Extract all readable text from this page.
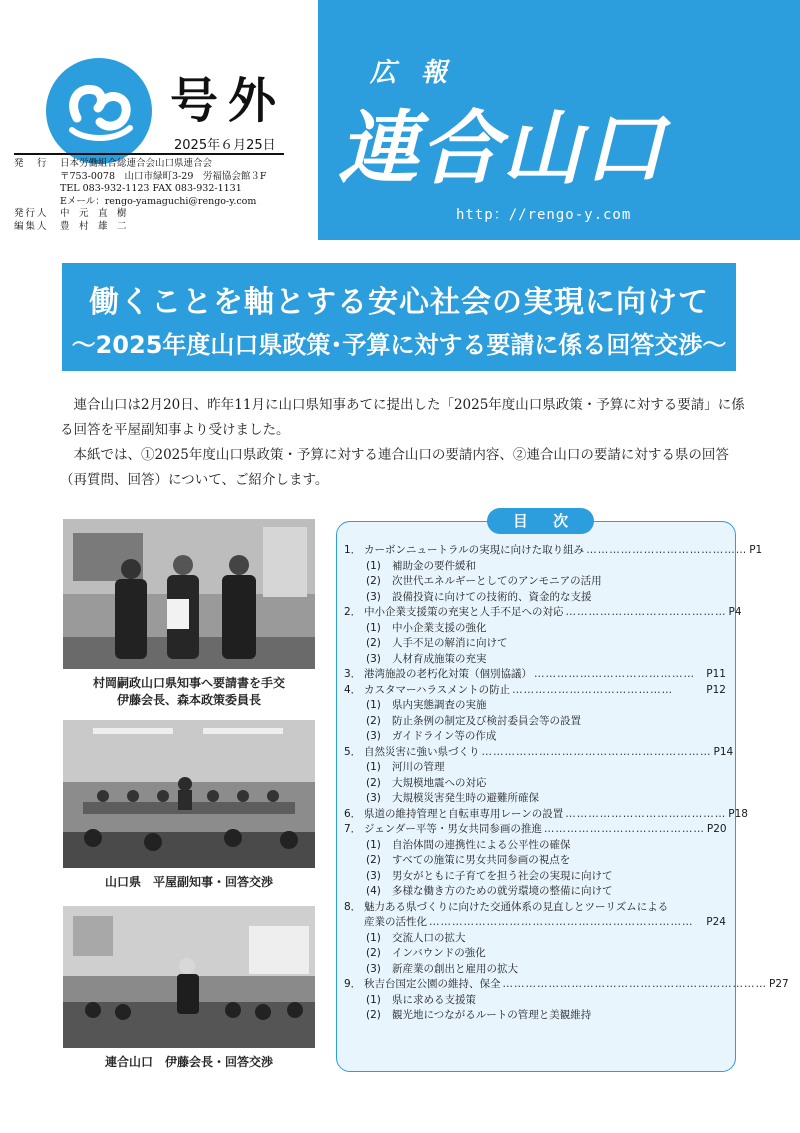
号外
2025年６月25日
発　行	日本労働組合総連合会山口県連合会
〒753-0078　山口市緑町3-29　労福協会館３F
TEL 083-932-1123 FAX 083-932-1131
Eメール：rengo-yamaguchi@rengo-y.com
発行人	中　元　直　樹
編集人	豊　村　雄　二
広 報
連合山口
http：//rengo-y.com
働くことを軸とする安心社会の実現に向けて
～2025年度山口県政策･予算に対する要請に係る回答交渉～

連合山口は2月20日、昨年11月に山口県知事あてに提出した「2025年度山口県政策・予算に対する要請」に係る回答を平屋副知事より受けました。

本紙では、①2025年度山口県政策・予算に対する連合山口の要請内容、②連合山口の要請に対する県の回答（再質問、回答）について、ご紹介します。

村岡嗣政山口県知事へ要請書を手交
伊藤会長、森本政策委員長
山口県　平屋副知事・回答交渉
連合山口　伊藤会長・回答交渉
目 次
1． カーボンニュートラルの実現に向けた取り組み …………………………………… P1
(1)	補助金の要件緩和
(2)	次世代エネルギーとしてのアンモニアの活用
(3)	設備投資に向けての技術的、資金的な支援
2． 中小企業支援策の充実と人手不足への対応 …………………………………… P4
(1)	中小企業支援の強化
(2)	人手不足の解消に向けて
(3)	人材育成施策の充実
3． 港湾施設の老朽化対策（個別協議） ……………………………………	P11
4． カスタマーハラスメントの防止 ……………………………………	P12
(1)	県内実態調査の実施
(2)	防止条例の制定及び検討委員会等の設置
(3)	ガイドライン等の作成
5． 自然災害に強い県づくり …………………………………………………… P14
(1)	河川の管理
(2)	大規模地震への対応
(3)	大規模災害発生時の避難所確保
6． 県道の維持管理と自転車専用レーンの設置 …………………………………… P18
7． ジェンダー平等・男女共同参画の推進 …………………………………… P20
(1)	自治体間の連携性による公平性の確保
(2)	すべての施策に男女共同参画の視点を
(3)	男女がともに子育てを担う社会の実現に向けて
(4)	多様な働き方のための就労環境の整備に向けて
8． 魅力ある県づくりに向けた交通体系の見直しとツーリズムによる
産業の活性化 ……………………………………………………………	P24
(1)	交流人口の拡大
(2)	インバウンドの強化
(3)	新産業の創出と雇用の拡大
9． 秋吉台国定公園の維持、保全 …………………………………………………………… P27
(1)	県に求める支援策
(2)	観光地につながるルートの管理と美観維持
